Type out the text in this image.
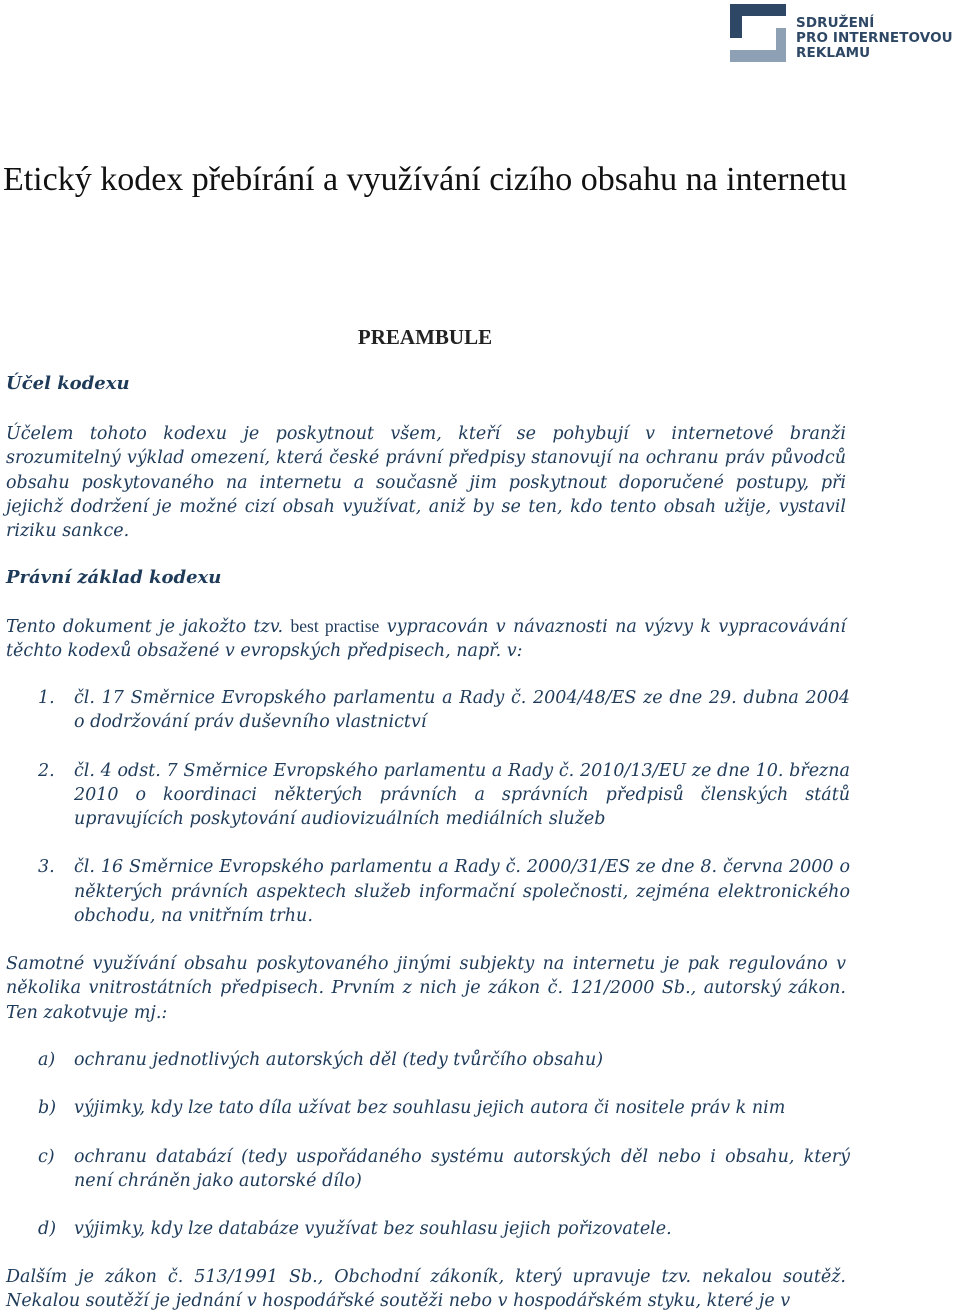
SDRUŽENÍ
PRO INTERNETOVOU
REKLAMU
Etický kodex přebírání a využívání cizího obsahu na internetu
PREAMBULE
Účel kodexu

Účelem tohoto kodexu je poskytnout všem, kteří se pohybují v internetové branži srozumitelný výklad omezení, která české právní předpisy stanovují na ochranu práv původců obsahu poskytovaného na internetu a současně jim poskytnout doporučené postupy, při jejichž dodržení je možné cizí obsah využívat, aniž by se ten, kdo tento obsah užije, vystavil riziku sankce.

Právní základ kodexu

Tento dokument je jakožto tzv. best practise vypracován v návaznosti na výzvy k vypracovávání těchto kodexů obsažené v evropských předpisech, např. v:

1. čl. 17 Směrnice Evropského parlamentu a Rady č. 2004/48/ES ze dne 29. dubna 2004 o dodržování práv duševního vlastnictví
2. čl. 4 odst. 7 Směrnice Evropského parlamentu a Rady č. 2010/13/EU ze dne 10. března 2010 o koordinaci některých právních a správních předpisů členských států upravujících poskytování audiovizuálních mediálních služeb
3. čl. 16 Směrnice Evropského parlamentu a Rady č. 2000/31/ES ze dne 8. června 2000 o některých právních aspektech služeb informační společnosti, zejména elektronického obchodu, na vnitřním trhu.

Samotné využívání obsahu poskytovaného jinými subjekty na internetu je pak regulováno v několika vnitrostátních předpisech. Prvním z nich je zákon č. 121/2000 Sb., autorský zákon. Ten zakotvuje mj.:

a) ochranu jednotlivých autorských děl (tedy tvůrčího obsahu)
b) výjimky, kdy lze tato díla užívat bez souhlasu jejich autora či nositele práv k nim
c) ochranu databází (tedy uspořádaného systému autorských děl nebo i obsahu, který není chráněn jako autorské dílo)
d) výjimky, kdy lze databáze využívat bez souhlasu jejich pořizovatele.

Dalším je zákon č. 513/1991 Sb., Obchodní zákoník, který upravuje tzv. nekalou soutěž. Nekalou soutěží je jednání v hospodářské soutěži nebo v hospodářském styku, které je v
